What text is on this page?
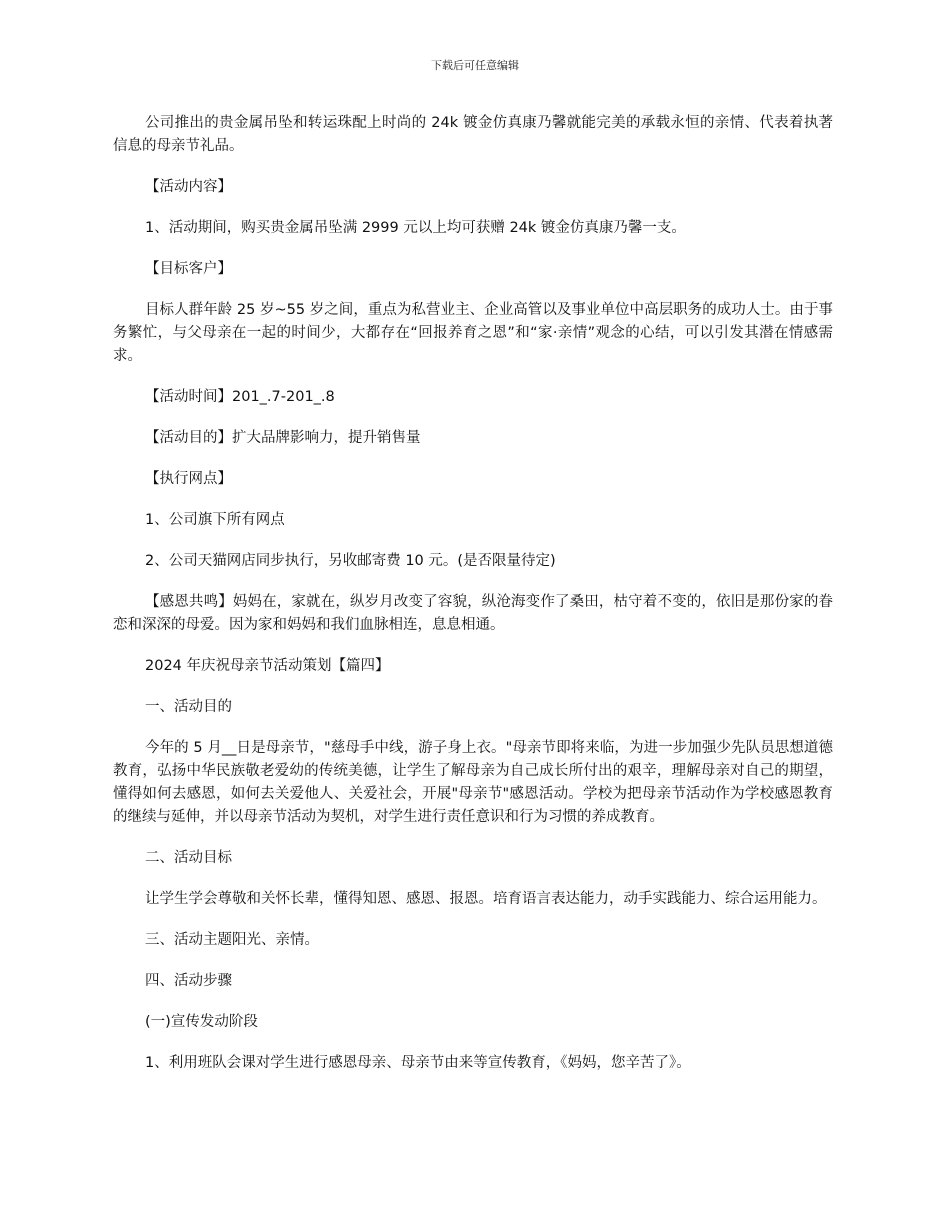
下载后可任意编辑

公司推出的贵金属吊坠和转运珠配上时尚的 24k 镀金仿真康乃馨就能完美的承载永恒的亲情、代表着执著信息的母亲节礼品。

【活动内容】

1、活动期间，购买贵金属吊坠满 2999 元以上均可获赠 24k 镀金仿真康乃馨一支。

【目标客户】

目标人群年龄 25 岁~55 岁之间，重点为私营业主、企业高管以及事业单位中高层职务的成功人士。由于事务繁忙，与父母亲在一起的时间少，大都存在“回报养育之恩”和“家·亲情”观念的心结，可以引发其潜在情感需求。

【活动时间】201_.7-201_.8

【活动目的】扩大品牌影响力，提升销售量

【执行网点】

1、公司旗下所有网点

2、公司天猫网店同步执行，另收邮寄费 10 元。(是否限量待定)

【感恩共鸣】妈妈在，家就在，纵岁月改变了容貌，纵沧海变作了桑田，枯守着不变的，依旧是那份家的眷恋和深深的母爱。因为家和妈妈和我们血脉相连，息息相通。

2024 年庆祝母亲节活动策划【篇四】

一、活动目的

今年的 5 月__日是母亲节，"慈母手中线，游子身上衣。"母亲节即将来临，为进一步加强少先队员思想道德教育，弘扬中华民族敬老爱幼的传统美德，让学生了解母亲为自己成长所付出的艰辛，理解母亲对自己的期望，懂得如何去感恩，如何去关爱他人、关爱社会，开展"母亲节"感恩活动。学校为把母亲节活动作为学校感恩教育的继续与延伸，并以母亲节活动为契机，对学生进行责任意识和行为习惯的养成教育。

二、活动目标

让学生学会尊敬和关怀长辈，懂得知恩、感恩、报恩。培育语言表达能力，动手实践能力、综合运用能力。

三、活动主题阳光、亲情。

四、活动步骤

(一)宣传发动阶段

1、利用班队会课对学生进行感恩母亲、母亲节由来等宣传教育，《妈妈，您辛苦了》。
